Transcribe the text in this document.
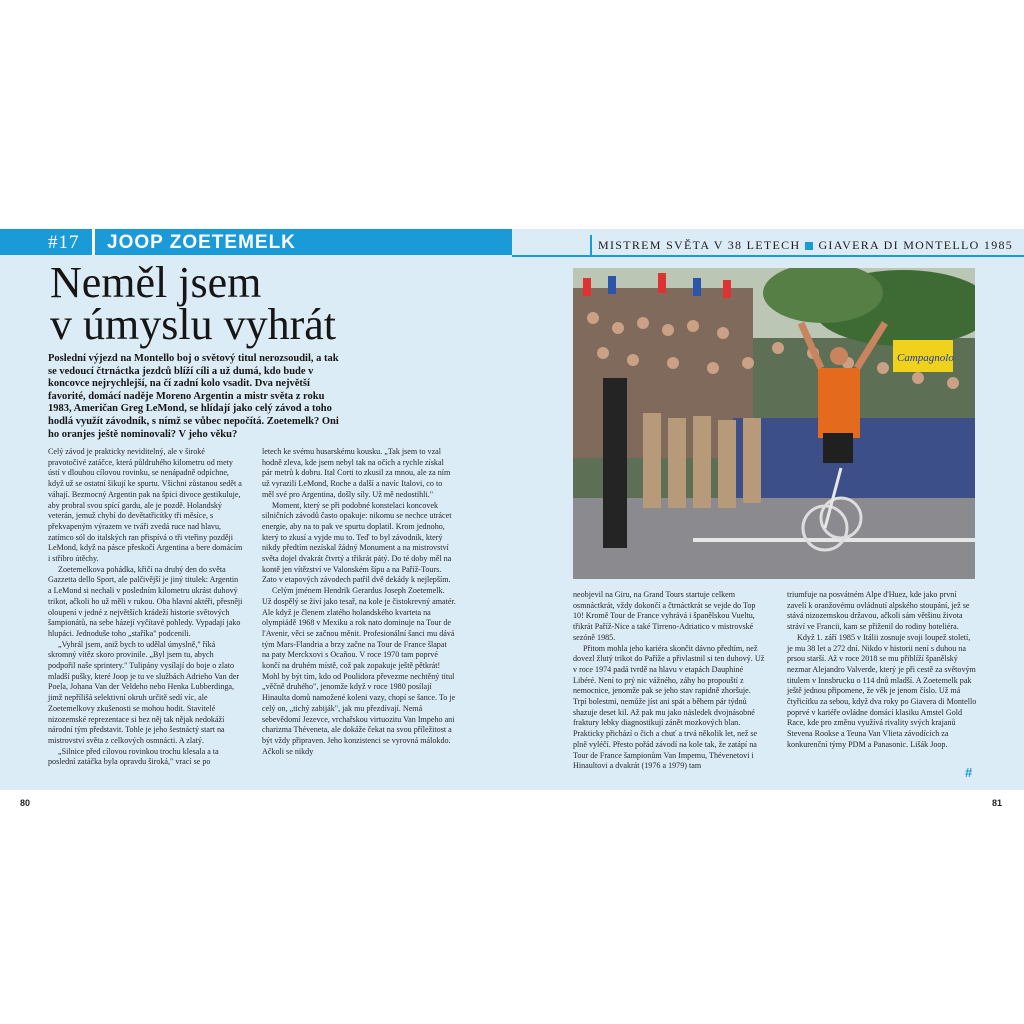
#17 JOOP ZOETEMELK	MISTREM SVĚTA V 38 LETECH GIAVERA DI MONTELLO 1985
Neměl jsem
v úmyslu vyhrát
Poslední výjezd na Montello boj o světový titul nerozsoudil, a tak se vedoucí čtrnáctka jezdců blíží cíli a už dumá, kdo bude v koncovce nejrychlejší, na čí zadní kolo vsadit. Dva největší favorité, domácí naděje Moreno Argentin a mistr světa z roku 1983, Američan Greg LeMond, se hlídají jako celý závod a toho hodlá využít závodník, s nímž se vůbec nepočítá. Zoetemelk? Oni ho oranjes ještě nominovali? V jeho věku?

Celý závod je prakticky neviditelný, ale v široké pravotočivé zatáčce, která půldruhého kilometru od mety ústí v dlouhou cílovou rovinku, se nenápadně odpíchne, když už se ostatní šikují ke spurtu. Všichni zůstanou sedět a váhají. Bezmocný Argentin pak na špici divoce gestikuluje, aby probral svou spící gardu, ale je pozdě. Holandský veterán, jemuž chybí do devětatřicítky tři měsíce, s překvapeným výrazem ve tváři zvedá ruce nad hlavu, zatímco sól do italských ran přispívá o tři vteřiny později LeMond, když na pásce přeskočí Argentina a bere domácím i stříbro útěchy.

Zoetemelkova pohádka, křičí na druhý den do světa Gazzetta dello Sport, ale palčivější je jiný titulek: Argentin a LeMond si nechali v posledním kilometru ukrást duhový trikot, ačkoli ho už měli v rukou. Oba hlavní aktéři, přesněji oloupení v jedné z největších krádeží historie světových šampionátů, na sebe házejí vyčítavé pohledy. Vypadají jako hlupáci. Jednoduše toho „staříka" podcenili.

„Vyhrál jsem, aniž bych to udělal úmyslně," říká skromný vítěz skoro provinile. „Byl jsem tu, abych podpořil naše sprintery." Tulipány vysílají do boje o zlato mladší pušky, které Joop je tu ve službách Adrieho Van der Poela, Johana Van der Veldeho nebo Henka Lubberdinga, jimž nepřílišá selektivní okruh určitě sedí víc, ale Zoetemelkovy zkušenosti se mohou hodit. Stavitelé nizozemské reprezentace si bez něj tak nějak nedokáží národní tým představit. Tohle je jeho šestnáctý start na mistrovství světa z celkových osmnácti. A zlatý.

„Silnice před cílovou rovinkou trochu klesala a ta poslední zatáčka byla opravdu široká," vrací se po

letech ke svému husarskému kousku. „Tak jsem to vzal hodně zleva, kde jsem nebyl tak na očích a rychle získal pár metrů k dobru. Ital Corti to zkusil za mnou, ale za ním už vyrazili LeMond, Roche a další a navíc Italovi, co to měl své pro Argentina, došly síly. Už mě nedostihli."

Moment, který se při podobné konstelaci koncovek silničních závodů často opakuje: nikomu se nechce utrácet energie, aby na to pak ve spurtu doplatil. Krom jednoho, který to zkusí a vyjde mu to. Teď to byl závodník, který nikdy předtím nezískal žádný Monument a na mistrovství světa dojel dvakrát čtvrtý a třikrát pátý. Do té doby měl na kontě jen vítězství ve Valonském šípu a na Paříž-Tours. Zato v etapových závodech patřil dvě dekády k nejlepším.

Celým jménem Hendrik Gerardus Joseph Zoetemelk. Už dospělý se živí jako tesař, na kole je čistokrevný amatér. Ale když je členem zlatého holandského kvarteta na olympiádě 1968 v Mexiku a rok nato dominuje na Tour de l'Avenir, věci se začnou měnit. Profesionální šanci mu dává tým Mars-Flandria a brzy začne na Tour de France šlapat na paty Merckxovi s Ocañou. V roce 1970 tam poprvé končí na druhém místě, což pak zopakuje ještě pětkrát! Mohl by být tím, kdo od Poulidora převezme nechtěný titul „věčně druhého", jenomže když v roce 1980 posílají Hinaulta domů namožené koleni vazy, chopí se šance. To je celý on, „tichý zabiják", jak mu přezdívají. Nemá sebevědomí Jezevce, vrchařskou virtuozitu Van Impeho ani charizma Thévenetа, ale dokáže čekat na svou příležitost a být vždy připraven. Jeho konzistenci se vyrovná málokdo. Ačkoli se nikdy

Campagnolo

neobjevil na Giru, na Grand Tours startuje celkem osmnáctkrát, vždy dokončí a čtrnáctkrát se vejde do Top 10! Kromě Tour de France vyhrává i španělskou Vueltu, třikrát Paříž-Nice a také Tirreno-Adriatico v mistrovské sezóně 1985.

Přitom mohla jeho kariéra skončit dávno předtím, než dovezl žlutý trikot do Paříže a přivlastnil si ten duhový. Už v roce 1974 padá tvrdě na hlavu v etapách Dauphiné Libéré. Není to prý nic vážného, záhy ho propouští z nemocnice, jenomže pak se jeho stav rapidně zhoršuje. Trpí bolestmi, nemůže jíst ani spát a během pár týdnů shazuje deset kil. Až pak mu jako následek dvojnásobné fraktury lebky diagnostikují zánět mozkových blan. Prakticky přichází o čich a chuť a trvá několik let, než se plně vyléčí. Přesto pořád závodí na kole tak, že zatápí na Tour de France šampionům Van Impemu, Thévenetovi i Hinaultovi a dvakrát (1976 a 1979) tam

triumfuje na posvátném Alpe d'Huez, kde jako první zavelí k oranžovému ovládnutí alpského stoupání, jež se stává nizozemskou državou, ačkoli sám většinu života stráví ve Francii, kam se přiženil do rodiny hoteliéra.

Když 1. září 1985 v Itálii zosnuje svoji loupež století, je mu 38 let a 272 dní. Nikdo v historii není s duhou na prsou starší. Až v roce 2018 se mu přiblíží španělský nezmar Alejandro Valverde, který je při cestě za světovým titulem v Innsbrucku o 114 dnů mladší. A Zoetemelk pak ještě jednou připomene, že věk je jenom číslo. Už má čtyřicítku za sebou, když dva roky po Giavera di Montello poprvé v kariéře ovládne domácí klasiku Amstel Gold Race, kde pro změnu využívá rivality svých krajanů Stevena Rookse a Teuna Van Vlieta závodících za konkurenční týmy PDM a Panasonic. Lišák Joop.

#
80	81
